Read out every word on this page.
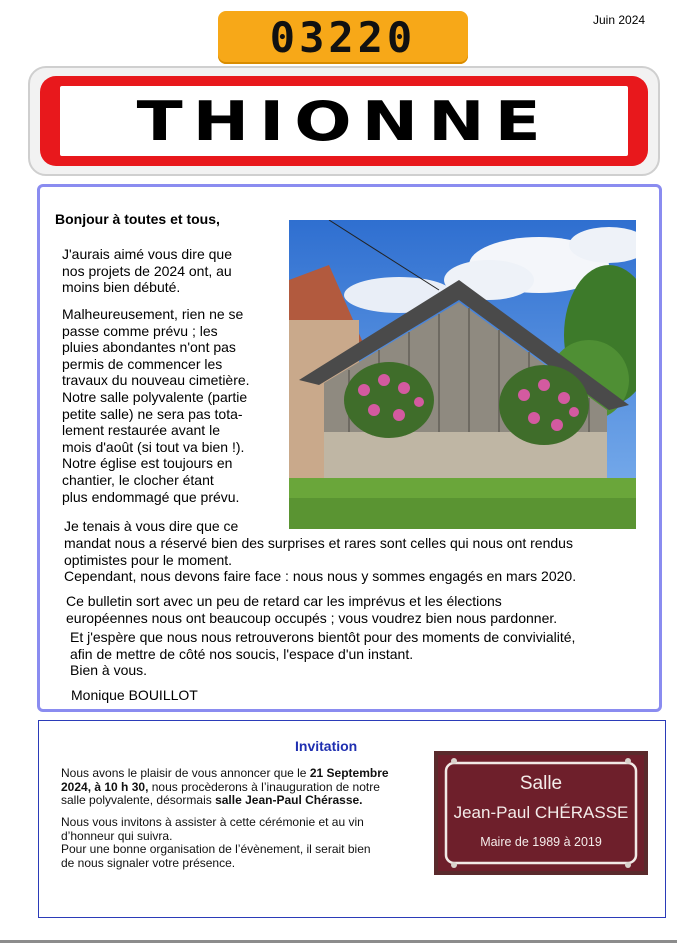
03220	Juin 2024
THIONNE
Bonjour à toutes et tous,
J'aurais aimé vous dire que
nos projets de 2024 ont, au
moins bien débuté.
Malheureusement, rien ne se
passe comme prévu ; les
pluies abondantes n'ont pas
permis de commencer les
travaux du nouveau cimetière.
Notre salle polyvalente (partie
petite salle) ne sera pas tota-
lement restaurée avant le
mois d'août (si tout va bien !).
Notre église est toujours en
chantier, le clocher étant
plus endommagé que prévu.
Je tenais à vous dire que ce
mandat nous a réservé bien des surprises et rares sont celles qui nous ont rendus
optimistes pour le moment.
Cependant, nous devons faire face : nous nous y sommes engagés en mars 2020.
Ce bulletin sort avec un peu de retard car les imprévus et les élections
européennes nous ont beaucoup occupés ; vous voudrez bien nous pardonner.
Et j'espère que nous nous retrouverons bientôt pour des moments de convivialité,
afin de mettre de côté nos soucis, l'espace d'un instant.
Bien à vous.
Monique BOUILLOT
Invitation
Nous avons le plaisir de vous annoncer que le 21 Septembre
2024, à 10 h 30, nous procèderons à l’inauguration de notre
salle polyvalente, désormais salle Jean-Paul Chérasse.
Nous vous invitons à assister à cette cérémonie et au vin
d’honneur qui suivra.
Pour une bonne organisation de l’évènement, il serait bien
de nous signaler votre présence.
Salle
Jean-Paul CHÉRASSE
Maire de 1989 à 2019
